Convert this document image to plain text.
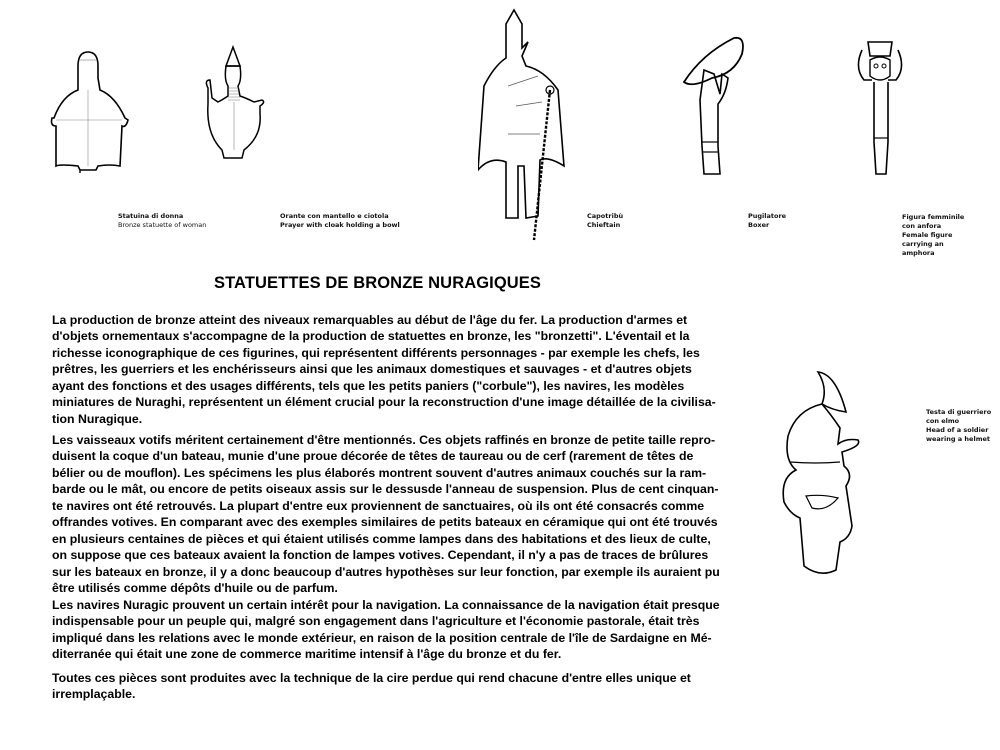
Statuina di donna
Bronze statuette of woman
Orante con mantello e ciotola
Prayer with cloak holding a bowl
Capotribù
Chieftain
Pugilatore
Boxer
Figura femminile
con anfora
Female figure
carrying an
amphora
Testa di guerriero
con elmo
Head of a soldier
wearing a helmet
STATUETTES DE BRONZE NURAGIQUES
La production de bronze atteint des niveaux remarquables au début de l'âge du fer. La production d'armes et
d'objets ornementaux s'accompagne de la production de statuettes en bronze, les "bronzetti". L'éventail et la
richesse iconographique de ces figurines, qui représentent différents personnages - par exemple les chefs, les
prêtres, les guerriers et les enchérisseurs ainsi que les animaux domestiques et sauvages - et d'autres objets
ayant des fonctions et des usages différents, tels que les petits paniers ("corbule"), les navires, les modèles
miniatures de Nuraghi, représentent un élément crucial pour la reconstruction d'une image détaillée de la civilisa-
tion Nuragique.
Les vaisseaux votifs méritent certainement d'être mentionnés. Ces objets raffinés en bronze de petite taille repro-
duisent la coque d'un bateau, munie d'une proue décorée de têtes de taureau ou de cerf (rarement de têtes de
bélier ou de mouflon). Les spécimens les plus élaborés montrent souvent d'autres animaux couchés sur la ram-
barde ou le mât, ou encore de petits oiseaux assis sur le dessusde l'anneau de suspension. Plus de cent cinquan-
te navires ont été retrouvés. La plupart d'entre eux proviennent de sanctuaires, où ils ont été consacrés comme
offrandes votives. En comparant avec des exemples similaires de petits bateaux en céramique qui ont été trouvés
en plusieurs centaines de pièces et qui étaient utilisés comme lampes dans des habitations et des lieux de culte,
on suppose que ces bateaux avaient la fonction de lampes votives. Cependant, il n'y a pas de traces de brûlures
sur les bateaux en bronze, il y a donc beaucoup d'autres hypothèses sur leur fonction, par exemple ils auraient pu
être utilisés comme dépôts d'huile ou de parfum.
Les navires Nuragic prouvent un certain intérêt pour la navigation. La connaissance de la navigation était presque
indispensable pour un peuple qui, malgré son engagement dans l'agriculture et l'économie pastorale, était très
impliqué dans les relations avec le monde extérieur, en raison de la position centrale de l'île de Sardaigne en Mé-
diterranée qui était une zone de commerce maritime intensif à l'âge du bronze et du fer.
Toutes ces pièces sont produites avec la technique de la cire perdue qui rend chacune d'entre elles unique et
irremplaçable.
